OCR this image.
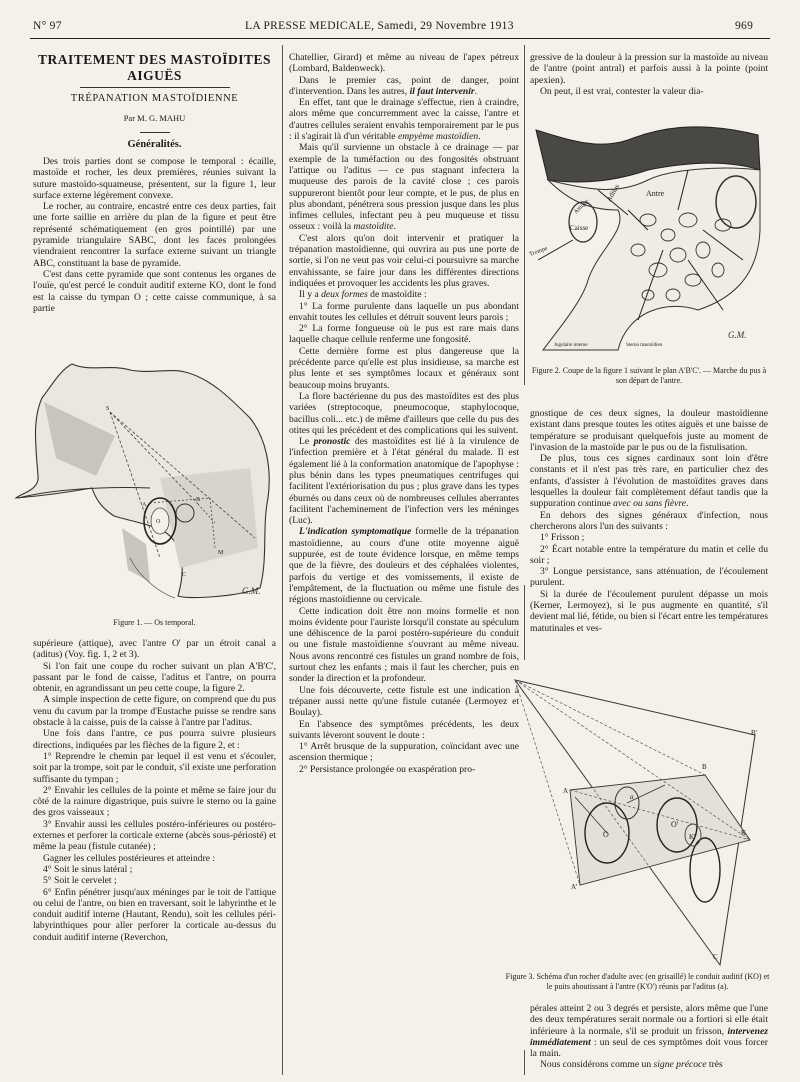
N° 97	LA PRESSE MEDICALE, Samedi, 29 Novembre 1913	969
TRAITEMENT DES MASTOÏDITES AIGUËS
TRÉPANATION MASTOÏDIENNE
Par M. G. MAHU
Généralités.

Des trois parties dont se compose le temporal : écaille, mastoïde et rocher, les deux premières, réunies suivant la suture mastoïdo-squameuse, présentent, sur la figure 1, leur surface externe légèrement convexe.

Le rocher, au contraire, encastré entre ces deux parties, fait une forte saillie en arrière du plan de la figure et peut être représenté schématiquement (en gros pointillé) par une pyramide triangulaire SABC, dont les faces prolongées viendraient rencontrer la surface externe suivant un triangle ABC, constituant la base de pyramide.

C'est dans cette pyramide que sont contenus les organes de l'ouïe, qu'est percé le conduit auditif externe KO, dont le fond est la caisse du tympan O ; cette caisse communique, à sa partie

S
A
B
C
M
O
G.M.
Figure 1. — Os temporal.

supérieure (attique), avec l'antre O' par un étroit canal a (aditus) (Voy. fig. 1, 2 et 3).

Si l'on fait une coupe du rocher suivant un plan A'B'C', passant par le fond de caisse, l'aditus et l'antre, on pourra obtenir, en agrandissant un peu cette coupe, la figure 2.

A simple inspection de cette figure, on comprend que du pus venu du cavum par la trompe d'Eustache puisse se rendre sans obstacle à la caisse, puis de la caisse à l'antre par l'aditus.

Une fois dans l'antre, ce pus pourra suivre plusieurs directions, indiquées par les flèches de la figure 2, et :

1° Reprendre le chemin par lequel il est venu et s'écouler, soit par la trompe, soit par le conduit, s'il existe une perforation suffisante du tympan ;

2° Envahir les cellules de la pointe et même se faire jour du côté de la rainure digastrique, puis suivre le sterno ou la gaine des gros vaisseaux ;

3° Envahir aussi les cellules postéro-inférieures ou postéro-externes et perforer la corticale externe (abcès sous-périosté) et même la peau (fistule cutanée) ;

Gagner les cellules postérieures et atteindre :

4° Soit le sinus latéral ;

5° Soit le cervelet ;

6° Enfin pénétrer jusqu'aux méninges par le toit de l'attique ou celui de l'antre, ou bien en traversant, soit le labyrinthe et le conduit auditif interne (Hautant, Rendu), soit les cellules péri-labyrinthiques pour aller perforer la corticale au-dessus du conduit auditif interne (Reverchon,

Chatellier, Girard) et même au niveau de l'apex pétreux (Lombard, Baldenweck).

Dans le premier cas, point de danger, point d'intervention. Dans les autres, il faut intervenir.

En effet, tant que le drainage s'effectue, rien à craindre, alors même que concurremment avec la caisse, l'antre et d'autres cellules seraient envahis temporairement par le pus : il s'agirait là d'un véritable empyème mastoïdien.

Mais qu'il survienne un obstacle à ce drainage — par exemple de la tuméfaction ou des fongosités obstruant l'attique ou l'aditus — ce pus stagnant infectera la muqueuse des parois de la cavité close ; ces parois suppureront bientôt pour leur compte, et le pus, de plus en plus abondant, pénétrera sous pression jusque dans les plus infimes cellules, infectant peu à peu muqueuse et tissu osseux : voilà la mastoïdite.

C'est alors qu'on doit intervenir et pratiquer la trépanation mastoïdienne, qui ouvrira au pus une porte de sortie, si l'on ne veut pas voir celui-ci poursuivre sa marche envahissante, se faire jour dans les différentes directions indiquées et provoquer les accidents les plus graves.

Il y a deux formes de mastoïdite :

1° La forme purulente dans laquelle un pus abondant envahit toutes les cellules et détruit souvent leurs parois ;

2° La forme fongueuse où le pus est rare mais dans laquelle chaque cellule renferme une fongosité.

Cette dernière forme est plus dangereuse que la précédente parce qu'elle est plus insidieuse, sa marche est plus lente et ses symptômes locaux et généraux sont beaucoup moins bruyants.

La flore bactérienne du pus des mastoïdites est des plus variées (streptocoque, pneumocoque, staphylocoque, bacillus coli... etc.) de même d'ailleurs que celle du pus des otites qui les précèdent et des complications qui les suivent.

Le pronostic des mastoïdites est lié à la virulence de l'infection première et à l'état général du malade. Il est également lié à la conformation anatomique de l'apophyse : plus bénin dans les types pneumatiques centrifuges qui facilitent l'extériorisation du pus ; plus grave dans les types éburnés ou dans ceux où de nombreuses cellules aberrantes facilitent l'acheminement de l'infection vers les méninges (Luc).

L'indication symptomatique formelle de la trépanation mastoïdienne, au cours d'une otite moyenne aiguë suppurée, est de toute évidence lorsque, en même temps que de la fièvre, des douleurs et des céphalées violentes, parfois du vertige et des vomissements, il existe de l'empâtement, de la fluctuation ou même une fistule des régions mastoïdienne ou cervicale.

Cette indication doit être non moins formelle et non moins évidente pour l'auriste lorsqu'il constate au spéculum une déhiscence de la paroi postéro-supérieure du conduit ou une fistule mastoïdienne s'ouvrant au même niveau. Nous avons rencontré ces fistules un grand nombre de fois, surtout chez les enfants ; mais il faut les chercher, puis en sonder la direction et la profondeur.

Une fois découverte, cette fistule est une indication à trépaner aussi nette qu'une fistule cutanée (Lermoyez et Boulay).

En l'absence des symptômes précédents, les deux suivants lèveront souvent le doute :

1° Arrêt brusque de la suppuration, coïncidant avec une ascension thermique ;

2° Persistance prolongée ou exaspération pro-

gressive de la douleur à la pression sur la mastoïde au niveau de l'antre (point antral) et parfois aussi à la pointe (point apexien).

On peut, il est vrai, contester la valeur dia-

Aditus	Antre
Attique
Caisse
Trompe
Jugulaire interne	Sterno mastoïdien
G.M.
Figure 2. Coupe de la figure 1 suivant le plan A'B'C'. — Marche du pus à son départ de l'antre.

gnostique de ces deux signes, la douleur mastoïdienne existant dans presque toutes les otites aiguës et une baisse de température se produisant quelquefois juste au moment de l'invasion de la mastoïde par le pus ou de la fistulisation.

De plus, tous ces signes cardinaux sont loin d'être constants et il n'est pas très rare, en particulier chez des enfants, d'assister à l'évolution de mastoïdites graves dans lesquelles la douleur fait complètement défaut tandis que la suppuration continue avec ou sans fièvre.

En dehors des signes généraux d'infection, nous chercherons alors l'un des suivants :

1° Frisson ;

2° Écart notable entre la température du matin et celle du soir ;

3° Longue persistance, sans atténuation, de l'écoulement purulent.

Si la durée de l'écoulement purulent dépasse un mois (Kerner, Lermoyez), si le pus augmente en quantité, s'il devient mal lié, fétide, ou bien si l'écart entre les températures matutinales et ves-

A
B
B'
A'
O
O'
K
K'
a
C
Figure 3. Schéma d'un rocher d'adulte avec (en grisaillé) le conduit auditif (KO) et le puits aboutissant à l'antre (K'O') réunis par l'aditus (a).

pérales atteint 2 ou 3 degrés et persiste, alors même que l'une des deux températures serait normale ou a fortiori si elle était inférieure à la normale, s'il se produit un frisson, intervenez immédiatement : un seul de ces symptômes doit vous forcer la main.

Nous considérons comme un signe précoce très
